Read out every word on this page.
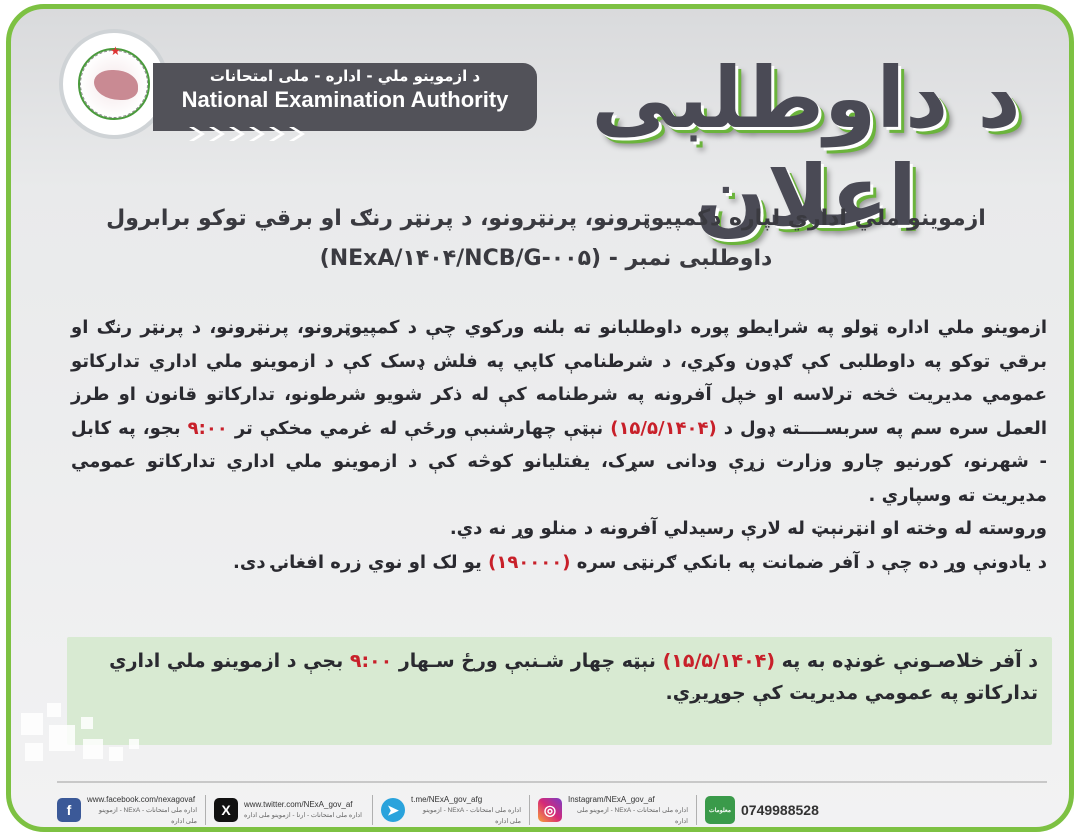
★
د ازموينو ملي - اداره - ملی امتحانات
National Examination Authority د داوطلبی اعلان
ازموينو ملي اداري لپاره دکمپيوټرونو، پرنټرونو، د پرنټر رنګ او برقي توکو برابرول
داوطلبی نمبر - (NExA/۱۴۰۴/NCB/G-۰۰۵)

ازموينو ملي اداره ټولو په شرايطو پوره داوطلبانو ته بلنه ورکوي چې د کمپيوټرونو، پرنټرونو، د پرنټر رنګ او برقي توکو په داوطلبی کې ګډون وکړي، د شرطنامې کاپي په فلش ډسک کې د ازموينو ملي اداري تدارکاتو عمومي مديريت څخه ترلاسه او خپل آفرونه په شرطنامه کې له ذکر شويو شرطونو، تدارکاتو قانون او طرز العمل سره سم په سربســــته ډول د (۱۵/۵/۱۴۰۴) نېټې چهارشنبې ورځې له غرمي مخکې تر ۹:۰۰ بجو، په کابل - شهرنو، کورنیو چارو وزارت زړې ودانی سړک، يفتلیانو کوڅه کې د ازموينو ملي اداري تدارکاتو عمومي مديريت ته وسپاري .

وروسته له وخته او انټرنېټ له لارې رسيدلي آفرونه د منلو وړ نه دي.

د يادونې وړ ده چې د آفر ضمانت په بانکي ګرنټی سره (۱۹۰۰۰۰) يو لک او نوي زره افغانۍ دی.

د آفر خلاصـونې غونډه به په (۱۵/۵/۱۴۰۴) نېټه چهار شـنبې ورځ سـهار ۹:۰۰ بجې د ازموينو ملي اداري تدارکاتو په عمومي مديريت کې جوړيږي.
f
www.facebook.com/nexagovaf
اداره ملی امتحانات - NExA - ازموینو ملی اداره
X	www.twitter.com/NExA_gov_af
اداره ملی امتحانات - ارنا - ازموینو ملی اداره	➤
t.me/NExA_gov_afg
اداره ملی امتحانات - NExA - ازموینو ملی اداره
◎
Instagram/NExA_gov_af
اداره ملی امتحانات - NExA - ازموینو ملی اداره
معلومات 0749988528
